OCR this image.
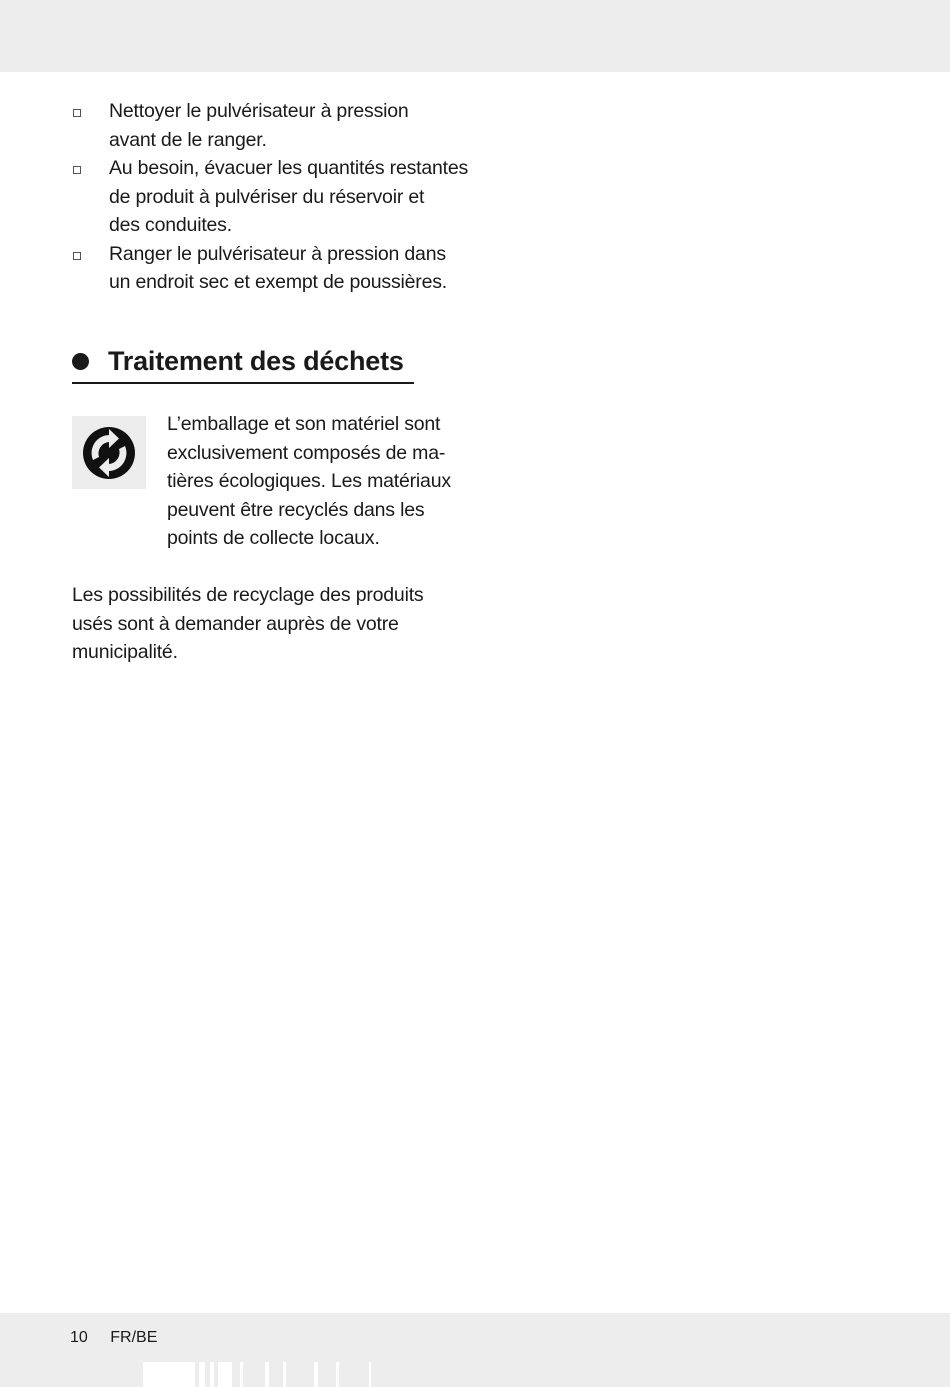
Nettoyer le pulvérisateur à pression
avant de le ranger.
Au besoin, évacuer les quantités restantes
de produit à pulvériser du réservoir et
des conduites.
Ranger le pulvérisateur à pression dans
un endroit sec et exempt de poussières.
Traitement des déchets
L’emballage et son matériel sont
exclusivement composés de ma-
tières écologiques. Les matériaux
peuvent être recyclés dans les
points de collecte locaux.
Les possibilités de recyclage des produits
usés sont à demander auprès de votre
municipalité.
10 FR/BE
